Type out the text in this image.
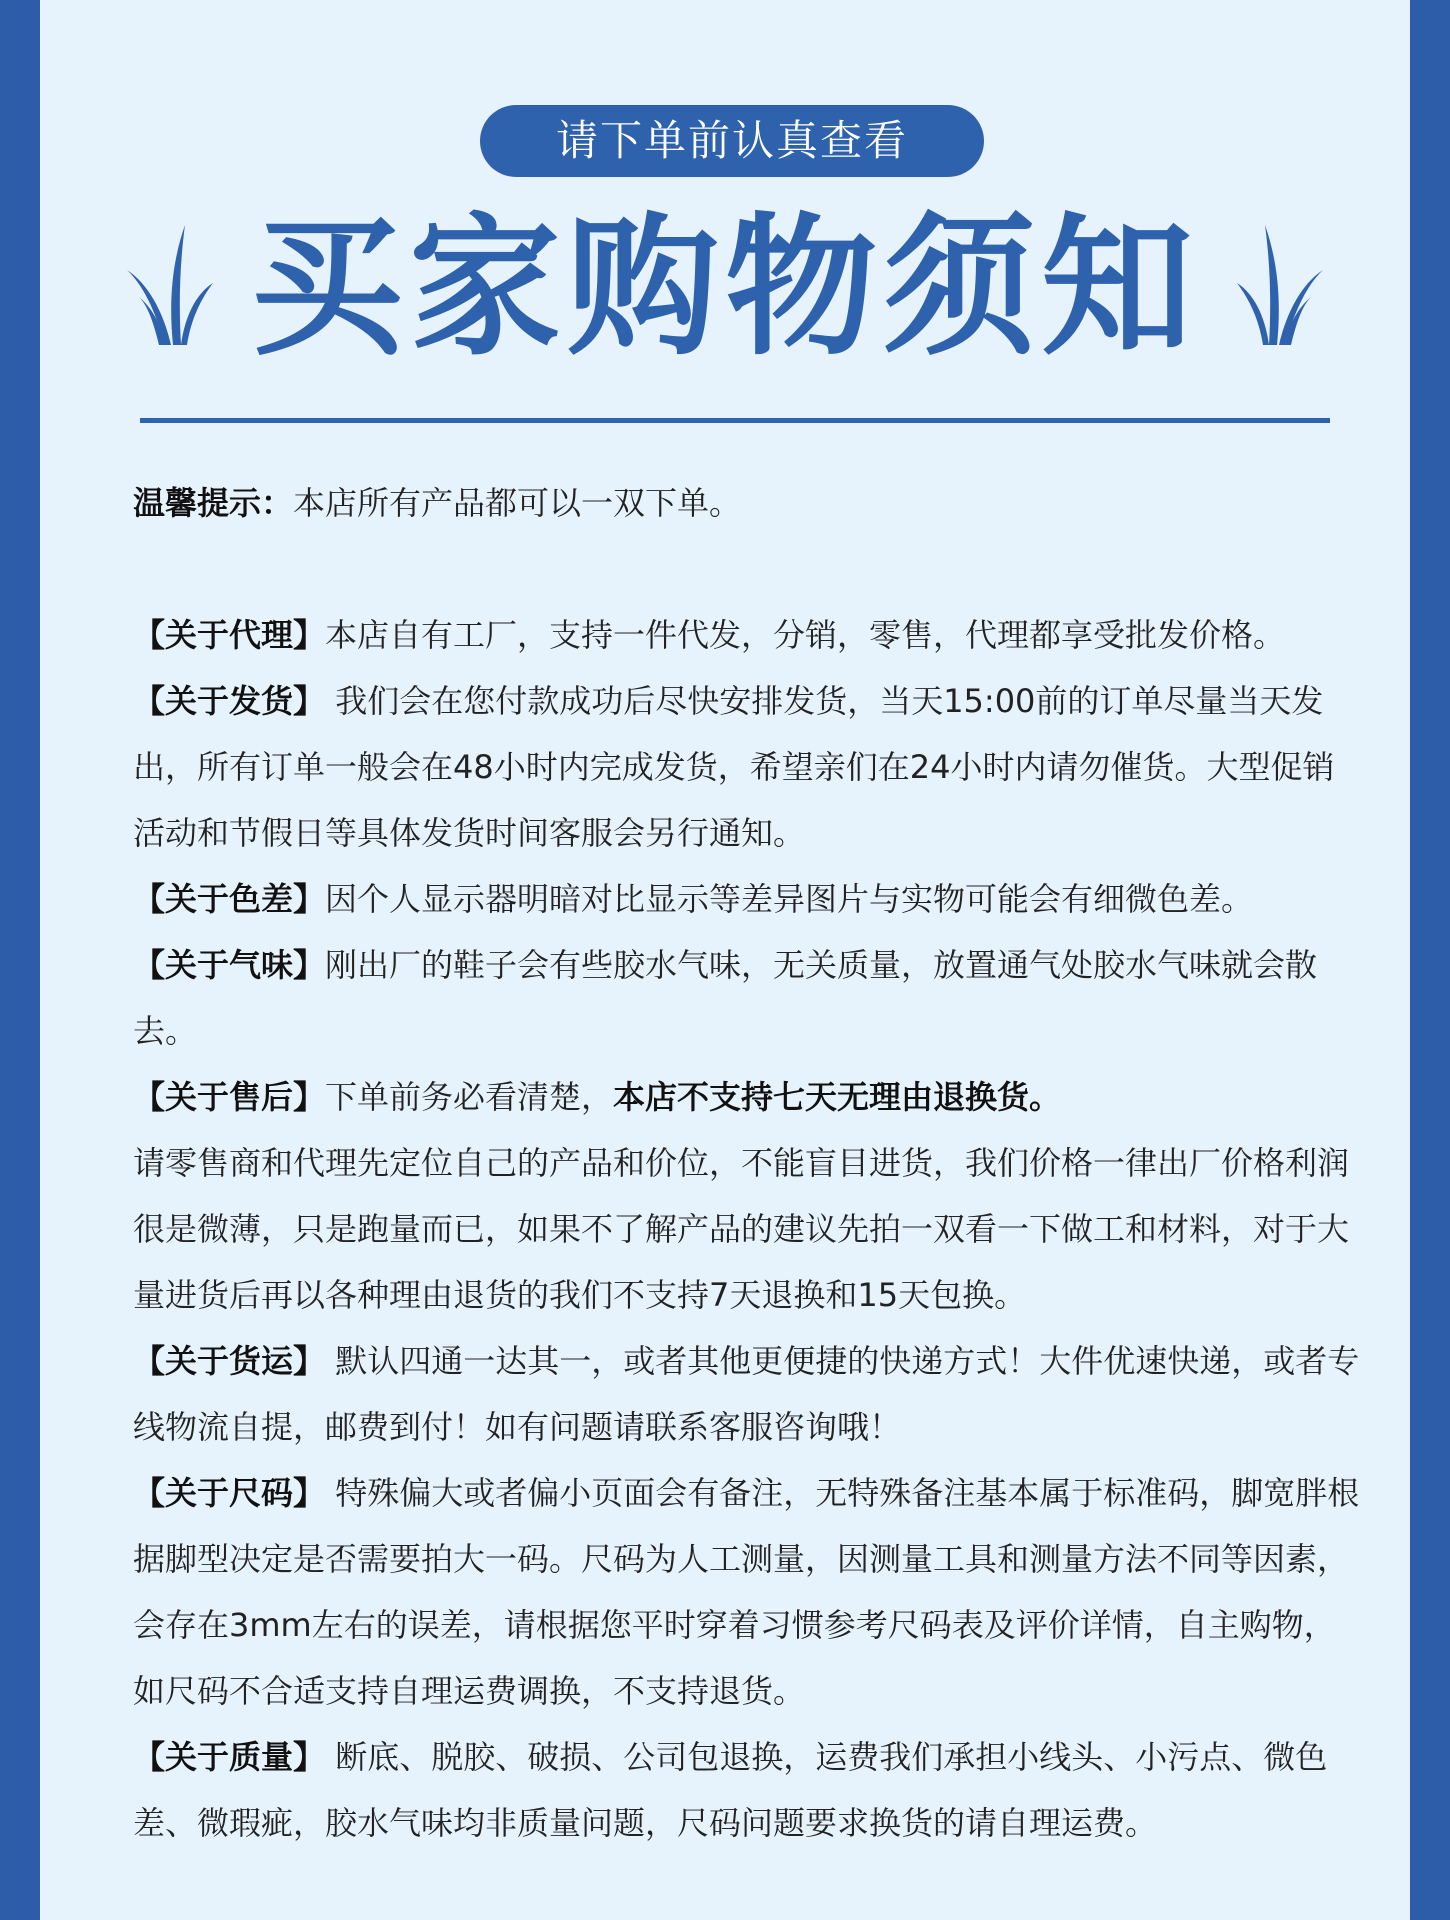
请下单前认真查看
买家购物须知

温馨提示：本店所有产品都可以一双下单。

【关于代理】本店自有工厂，支持一件代发，分销，零售，代理都享受批发价格。

【关于发货】 我们会在您付款成功后尽快安排发货，当天15:00前的订单尽量当天发出，所有订单一般会在48小时内完成发货，希望亲们在24小时内请勿催货。大型促销活动和节假日等具体发货时间客服会另行通知。

【关于色差】因个人显示器明暗对比显示等差异图片与实物可能会有细微色差。

【关于气味】刚出厂的鞋子会有些胶水气味，无关质量，放置通气处胶水气味就会散去。

【关于售后】下单前务必看清楚，本店不支持七天无理由退换货。

请零售商和代理先定位自己的产品和价位，不能盲目进货，我们价格一律出厂价格利润很是微薄，只是跑量而已，如果不了解产品的建议先拍一双看一下做工和材料，对于大量进货后再以各种理由退货的我们不支持7天退换和15天包换。

【关于货运】 默认四通一达其一，或者其他更便捷的快递方式！大件优速快递，或者专线物流自提，邮费到付！如有问题请联系客服咨询哦！

【关于尺码】 特殊偏大或者偏小页面会有备注，无特殊备注基本属于标准码，脚宽胖根据脚型决定是否需要拍大一码。尺码为人工测量，因测量工具和测量方法不同等因素，会存在3mm左右的误差，请根据您平时穿着习惯参考尺码表及评价详情，自主购物，如尺码不合适支持自理运费调换，不支持退货。

【关于质量】 断底、脱胶、破损、公司包退换，运费我们承担小线头、小污点、微色差、微瑕疵，胶水气味均非质量问题，尺码问题要求换货的请自理运费。
